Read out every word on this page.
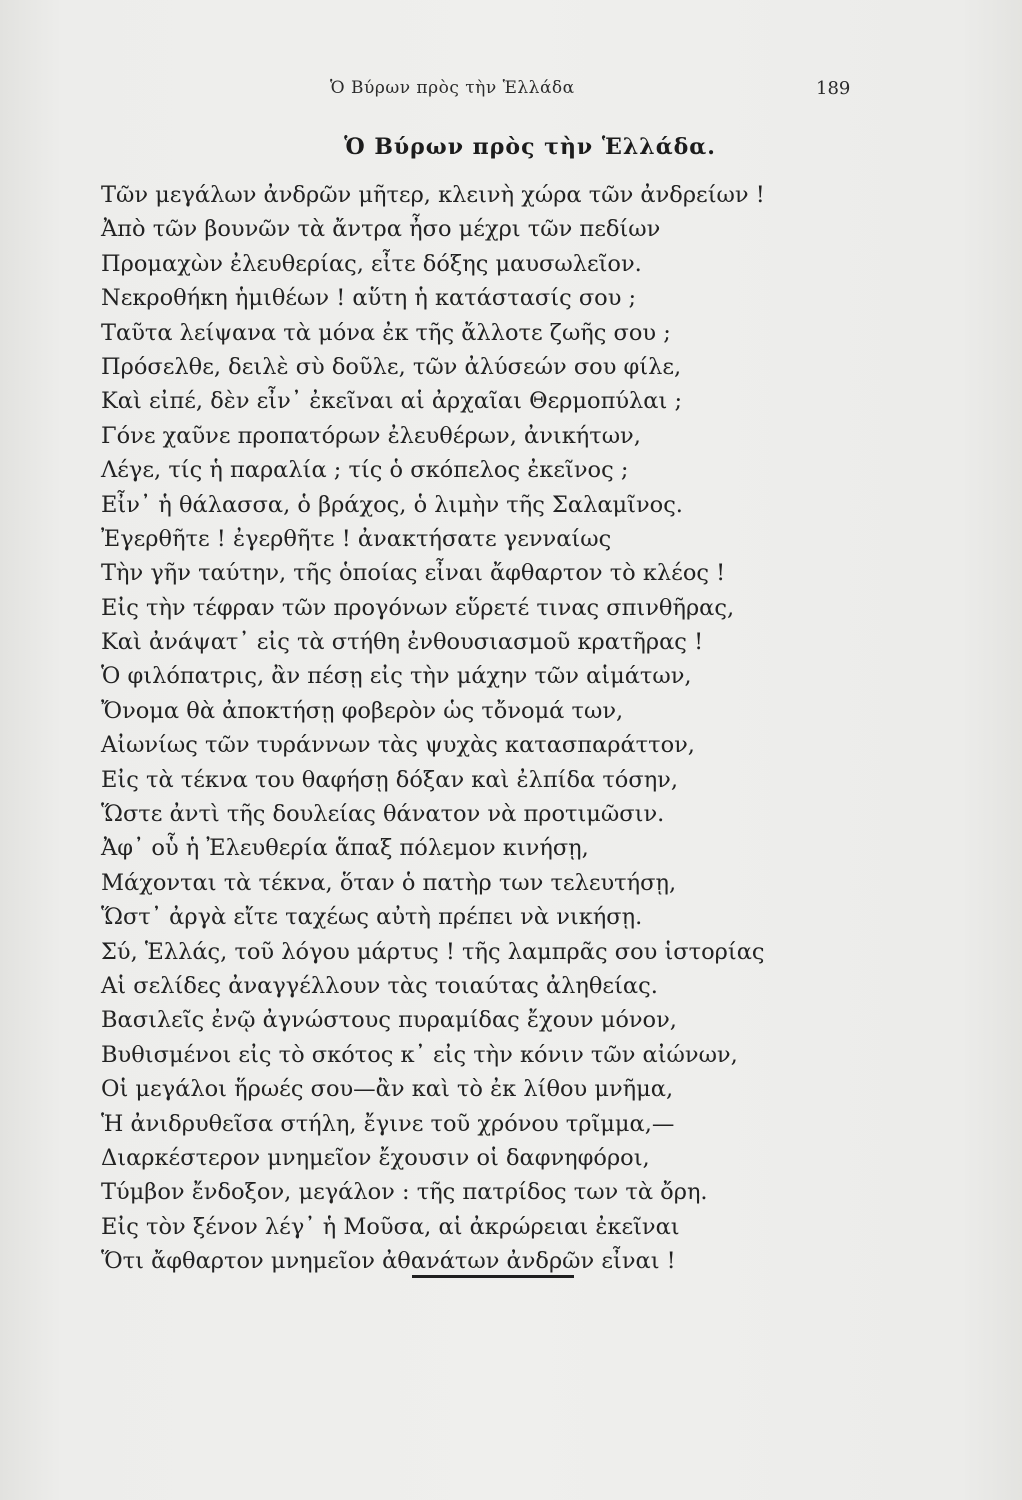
Ὁ Βύρων πρὸς τὴν Ἑλλάδα	189
Ὁ Βύρων πρὸς τὴν Ἑλλάδα.
Τῶν μεγάλων ἀνδρῶν μῆτερ, κλεινὴ χώρα τῶν ἀνδρείων !
Ἀπὸ τῶν βουνῶν τὰ ἄντρα ἦσο μέχρι τῶν πεδίων
Προμαχὼν ἐλευθερίας, εἶτε δόξης μαυσωλεῖον.
Νεκροθήκη ἡμιθέων ! αὕτη ἡ κατάστασίς σου ;
Ταῦτα λείψανα τὰ μόνα ἐκ τῆς ἄλλοτε ζωῆς σου ;
Πρόσελθε, δειλὲ σὺ δοῦλε, τῶν ἀλύσεών σου φίλε,
Καὶ εἰπέ, δὲν εἶν᾽ ἐκεῖναι αἱ ἀρχαῖαι Θερμοπύλαι ;
Γόνε χαῦνε προπατόρων ἐλευθέρων, ἀνικήτων,
Λέγε, τίς ἡ παραλία ; τίς ὁ σκόπελος ἐκεῖνος ;
Εἶν᾽ ἡ θάλασσα, ὁ βράχος, ὁ λιμὴν τῆς Σαλαμῖνος.
Ἐγερθῆτε ! ἐγερθῆτε ! ἀνακτήσατε γενναίως
Τὴν γῆν ταύτην, τῆς ὁποίας εἶναι ἄφθαρτον τὸ κλέος !
Εἰς τὴν τέφραν τῶν προγόνων εὕρετέ τινας σπινθῆρας,
Καὶ ἀνάψατ᾽ εἰς τὰ στήθη ἐνθουσιασμοῦ κρατῆρας !
Ὁ φιλόπατρις, ἂν πέσῃ εἰς τὴν μάχην τῶν αἱμάτων,
Ὄνομα θὰ ἀποκτήσῃ φοβερὸν ὡς τὄνομά των,
Αἰωνίως τῶν τυράννων τὰς ψυχὰς κατασπαράττον,
Εἰς τὰ τέκνα του θαφήσῃ δόξαν καὶ ἐλπίδα τόσην,
Ὥστε ἀντὶ τῆς δουλείας θάνατον νὰ προτιμῶσιν.
Ἀφ᾽ οὗ ἡ Ἐλευθερία ἅπαξ πόλεμον κινήσῃ,
Μάχονται τὰ τέκνα, ὅταν ὁ πατὴρ των τελευτήσῃ,
Ὥστ᾽ ἀργὰ εἴτε ταχέως αὐτὴ πρέπει νὰ νικήσῃ.
Σύ, Ἑλλάς, τοῦ λόγου μάρτυς ! τῆς λαμπρᾶς σου ἱστορίας
Αἱ σελίδες ἀναγγέλλουν τὰς τοιαύτας ἀληθείας.
Βασιλεῖς ἐνῷ ἀγνώστους πυραμίδας ἔχουν μόνον,
Βυθισμένοι εἰς τὸ σκότος κ᾽ εἰς τὴν κόνιν τῶν αἰώνων,
Οἱ μεγάλοι ἥρωές σου—ἂν καὶ τὸ ἐκ λίθου μνῆμα,
Ἡ ἀνιδρυθεῖσα στήλη, ἔγινε τοῦ χρόνου τρῖμμα,—
Διαρκέστερον μνημεῖον ἔχουσιν οἱ δαφνηφόροι,
Τύμβον ἔνδοξον, μεγάλον : τῆς πατρίδος των τὰ ὄρη.
Εἰς τὸν ξένον λέγ᾽ ἡ Μοῦσα, αἱ ἀκρώρειαι ἐκεῖναι
Ὅτι ἄφθαρτον μνημεῖον ἀθανάτων ἀνδρῶν εἶναι !
